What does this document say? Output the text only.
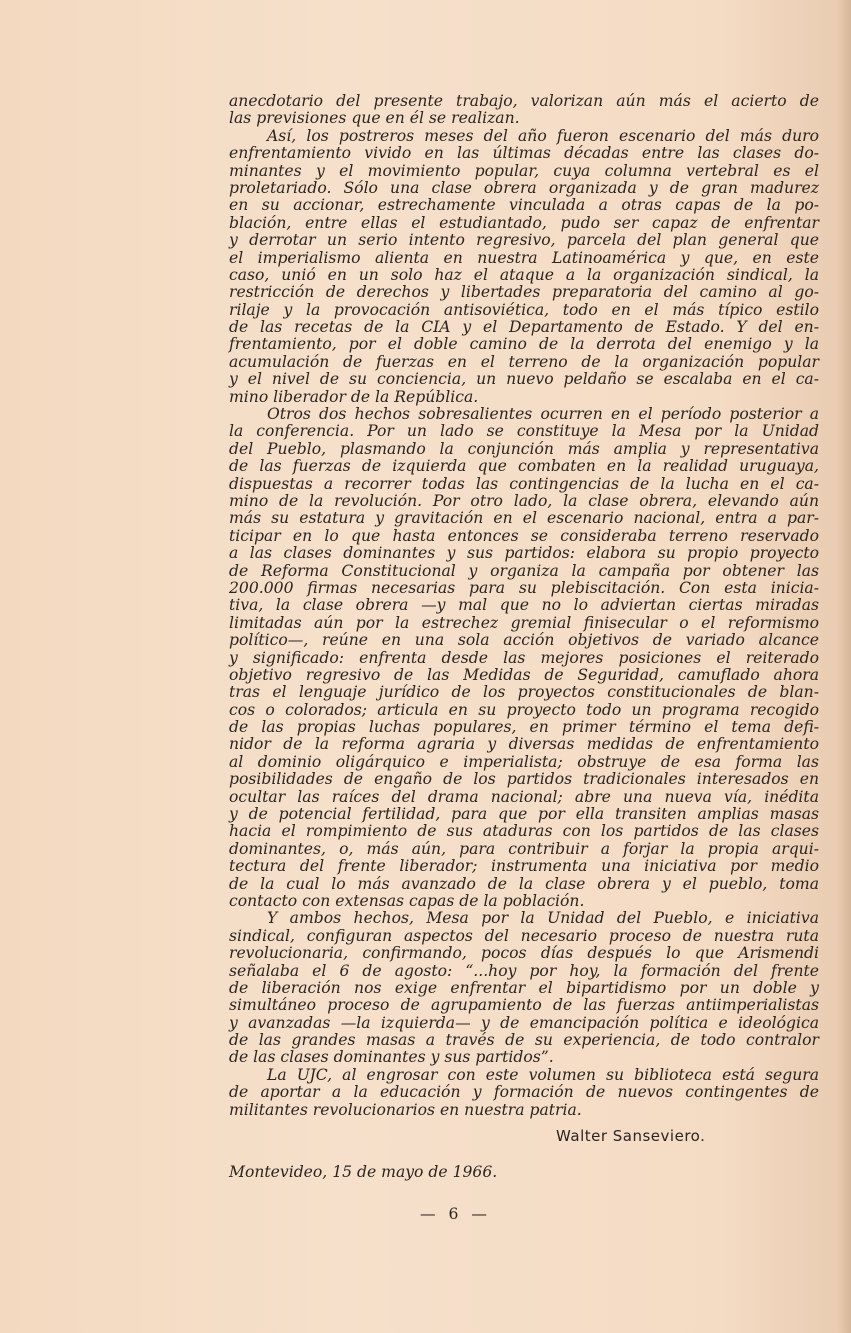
anecdotario del presente trabajo, valorizan aún más el acierto de
las previsiones que en él se realizan.
Así, los postreros meses del año fueron escenario del más duro
enfrentamiento vivido en las últimas décadas entre las clases do-
minantes y el movimiento popular, cuya columna vertebral es el
proletariado. Sólo una clase obrera organizada y de gran madurez
en su accionar, estrechamente vinculada a otras capas de la po-
blación, entre ellas el estudiantado, pudo ser capaz de enfrentar
y derrotar un serio intento regresivo, parcela del plan general que
el imperialismo alienta en nuestra Latinoamérica y que, en este
caso, unió en un solo haz el ataque a la organización sindical, la
restricción de derechos y libertades preparatoria del camino al go-
rilaje y la provocación antisoviética, todo en el más típico estilo
de las recetas de la CIA y el Departamento de Estado. Y del en-
frentamiento, por el doble camino de la derrota del enemigo y la
acumulación de fuerzas en el terreno de la organización popular
y el nivel de su conciencia, un nuevo peldaño se escalaba en el ca-
mino liberador de la República.
Otros dos hechos sobresalientes ocurren en el período posterior a
la conferencia. Por un lado se constituye la Mesa por la Unidad
del Pueblo, plasmando la conjunción más amplia y representativa
de las fuerzas de izquierda que combaten en la realidad uruguaya,
dispuestas a recorrer todas las contingencias de la lucha en el ca-
mino de la revolución. Por otro lado, la clase obrera, elevando aún
más su estatura y gravitación en el escenario nacional, entra a par-
ticipar en lo que hasta entonces se consideraba terreno reservado
a las clases dominantes y sus partidos: elabora su propio proyecto
de Reforma Constitucional y organiza la campaña por obtener las
200.000 firmas necesarias para su plebiscitación. Con esta inicia-
tiva, la clase obrera —y mal que no lo adviertan ciertas miradas
limitadas aún por la estrechez gremial finisecular o el reformismo
político—, reúne en una sola acción objetivos de variado alcance
y significado: enfrenta desde las mejores posiciones el reiterado
objetivo regresivo de las Medidas de Seguridad, camuflado ahora
tras el lenguaje jurídico de los proyectos constitucionales de blan-
cos o colorados; articula en su proyecto todo un programa recogido
de las propias luchas populares, en primer término el tema defi-
nidor de la reforma agraria y diversas medidas de enfrentamiento
al dominio oligárquico e imperialista; obstruye de esa forma las
posibilidades de engaño de los partidos tradicionales interesados en
ocultar las raíces del drama nacional; abre una nueva vía, inédita
y de potencial fertilidad, para que por ella transiten amplias masas
hacia el rompimiento de sus ataduras con los partidos de las clases
dominantes, o, más aún, para contribuir a forjar la propia arqui-
tectura del frente liberador; instrumenta una iniciativa por medio
de la cual lo más avanzado de la clase obrera y el pueblo, toma
contacto con extensas capas de la población.
Y ambos hechos, Mesa por la Unidad del Pueblo, e iniciativa
sindical, configuran aspectos del necesario proceso de nuestra ruta
revolucionaria, confirmando, pocos días después lo que Arismendi
señalaba el 6 de agosto: “...hoy por hoy, la formación del frente
de liberación nos exige enfrentar el bipartidismo por un doble y
simultáneo proceso de agrupamiento de las fuerzas antiimperialistas
y avanzadas —la izquierda— y de emancipación política e ideológica
de las grandes masas a través de su experiencia, de todo contralor
de las clases dominantes y sus partidos”.
La UJC, al engrosar con este volumen su biblioteca está segura
de aportar a la educación y formación de nuevos contingentes de
militantes revolucionarios en nuestra patria.
Walter Sanseviero.
Montevideo, 15 de mayo de 1966.
— 6 —
